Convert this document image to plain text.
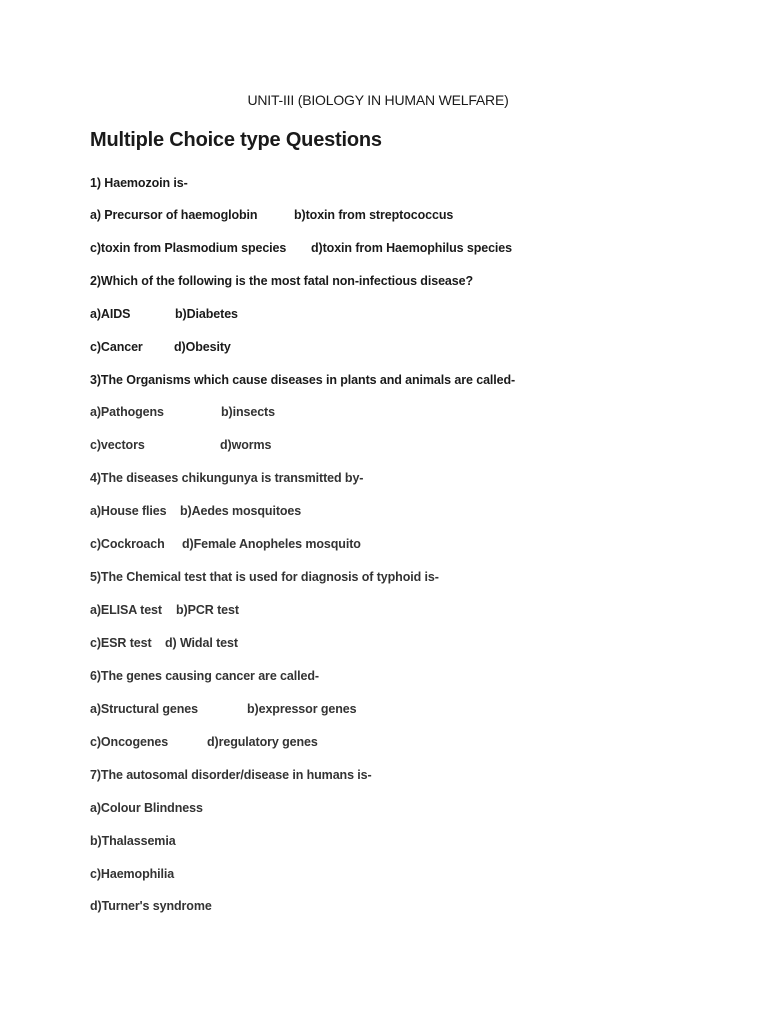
UNIT-III (BIOLOGY IN HUMAN WELFARE)
Multiple Choice type Questions
1) Haemozoin is-
a) Precursor of haemoglobin	b)toxin from streptococcus
c)toxin from Plasmodium species d)toxin from Haemophilus species
2)Which of the following is the most fatal non-infectious disease?
a)AIDS	b)Diabetes
c)Cancer	d)Obesity
3)The Organisms which cause diseases in plants and animals are called-
a)Pathogens	b)insects
c)vectors	d)worms
4)The diseases chikungunya is transmitted by-
a)House flies b)Aedes mosquitoes
c)Cockroach d)Female Anopheles mosquito
5)The Chemical test that is used for diagnosis of typhoid is-
a)ELISA test b)PCR test
c)ESR test d) Widal test
6)The genes causing cancer are called-
a)Structural genes	b)expressor genes
c)Oncogenes	d)regulatory genes
7)The autosomal disorder/disease in humans is-
a)Colour Blindness
b)Thalassemia
c)Haemophilia
d)Turner's syndrome
